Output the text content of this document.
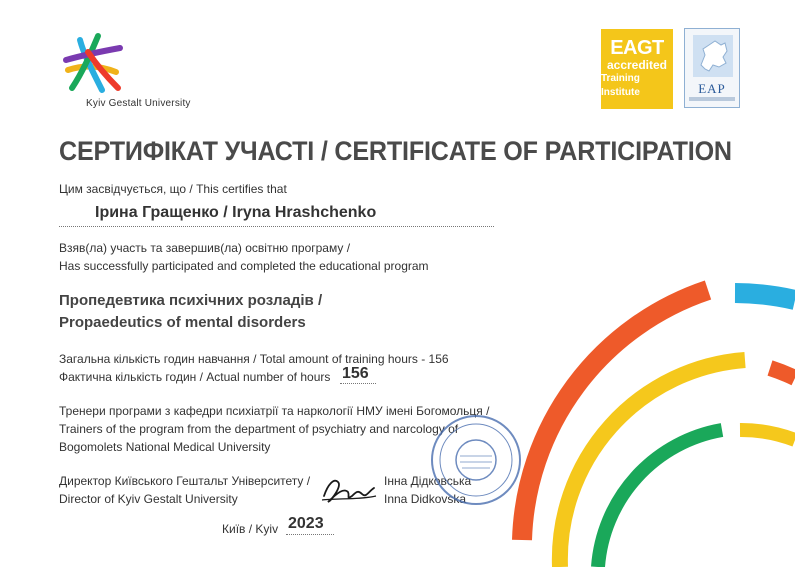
Kyiv Gestalt University
EAGT
accredited
Training Institute	EAP
СЕРТИФІКАТ УЧАСТІ / CERTIFICATE OF PARTICIPATION
Цим засвідчується, що / This certifies that
Ірина Гращенко / Iryna Hrashchenko
Взяв(ла) участь та завершив(ла) освітню програму /
Has successfully participated and completed the educational program
Пропедевтика психічних розладів /
Propaedeutics of mental disorders
Загальна кількість годин навчання / Total amount of training hours - 156
Фактична кількість годин / Actual number of hours 156
Тренери програми з кафедри психіатрії та наркології НМУ імені Богомольця /
Trainers of the program from the department of psychiatry and narcology of
Bogomolets National Medical University
Директор Київського Гештальт Університету /
Director of Kyiv Gestalt University
Інна Дідковська
Inna Didkovska
Київ / Kyiv 2023
